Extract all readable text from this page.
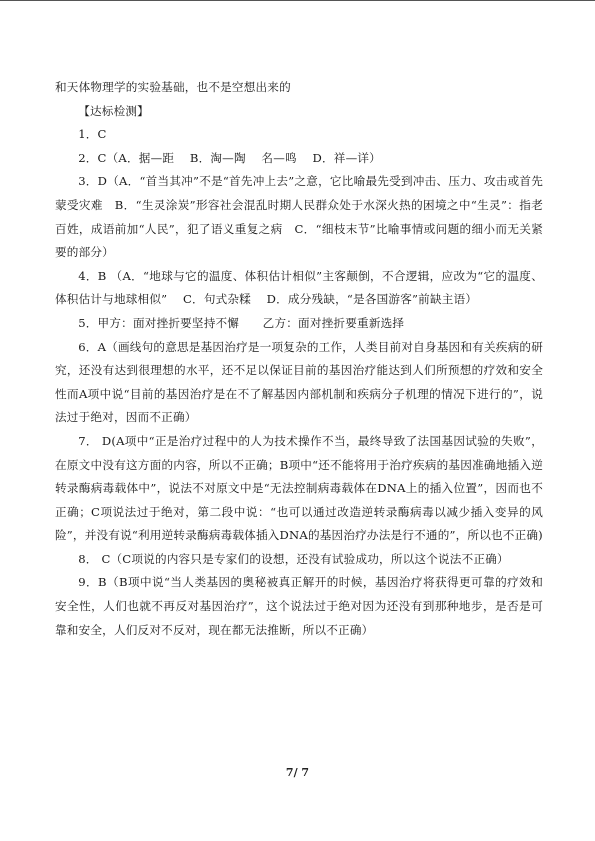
和天体物理学的实验基础，也不是空想出来的

【达标检测】

1．C

2．C（A．据—距　 B．淘—陶　 名—鸣　 D．祥—详）

3．D（A．“首当其冲”不是“首先冲上去”之意，它比喻最先受到冲击、压力、攻击或首先蒙受灾难　B．“生灵涂炭”形容社会混乱时期人民群众处于水深火热的困境之中“生灵”：指老百姓，成语前加“人民”，犯了语义重复之病　C．“细枝末节”比喻事情或问题的细小而无关紧要的部分）

4．B （A．“地球与它的温度、体积估计相似”主客颠倒，不合逻辑，应改为“它的温度、体积估计与地球相似”　 C．句式杂糅　 D．成分残缺，“是各国游客”前缺主语）

5．甲方：面对挫折要坚持不懈　　乙方：面对挫折要重新选择

6．A（画线句的意思是基因治疗是一项复杂的工作，人类目前对自身基因和有关疾病的研究，还没有达到很理想的水平，还不足以保证目前的基因治疗能达到人们所预想的疗效和安全性而A项中说“目前的基因治疗是在不了解基因内部机制和疾病分子机理的情况下进行的”，说法过于绝对，因而不正确）

7． D(A项中“正是治疗过程中的人为技术操作不当，最终导致了法国基因试验的失败”，在原文中没有这方面的内容，所以不正确；B项中“还不能将用于治疗疾病的基因准确地插入逆转录酶病毒载体中”，说法不对原文中是“无法控制病毒载体在DNA上的插入位置”，因而也不正确；C项说法过于绝对，第二段中说：“也可以通过改造逆转录酶病毒以减少插入变异的风险”，并没有说“利用逆转录酶病毒载体插入DNA的基因治疗办法是行不通的”，所以也不正确)

8． C（C项说的内容只是专家们的设想，还没有试验成功，所以这个说法不正确）

9．B（B项中说“当人类基因的奥秘被真正解开的时候，基因治疗将获得更可靠的疗效和安全性，人们也就不再反对基因治疗”，这个说法过于绝对因为还没有到那种地步，是否是可靠和安全，人们反对不反对，现在都无法推断，所以不正确）

7/ 7
